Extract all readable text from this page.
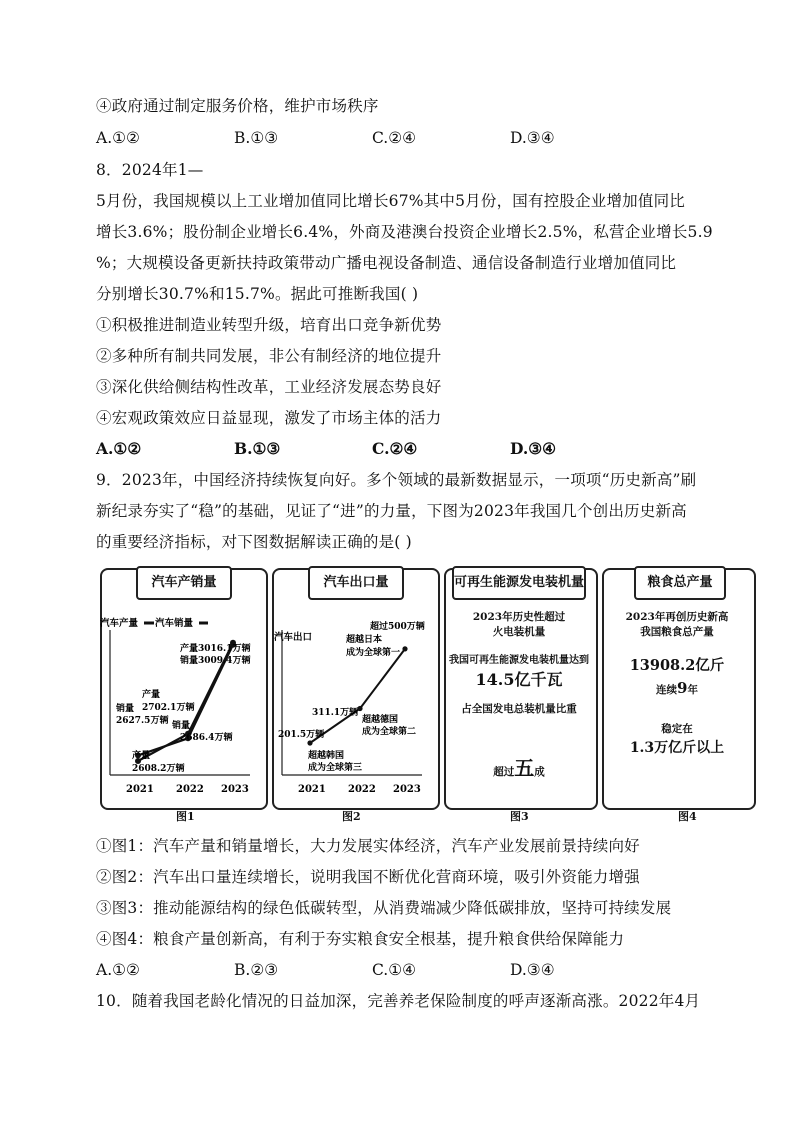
④政府通过制定服务价格，维护市场秩序
A.①②	B.①③	C.②④	D.③④
8．2024年1—
5月份，我国规模以上工业增加值同比增长67%其中5月份，国有控股企业增加值同比
增长3.6%；股份制企业增长6.4%，外商及港澳台投资企业增长2.5%，私营企业增长5.9
%；大规模设备更新扶持政策带动广播电视设备制造、通信设备制造行业增加值同比
分别增长30.7%和15.7%。据此可推断我国( )
①积极推进制造业转型升级，培育出口竞争新优势
②多种所有制共同发展，非公有制经济的地位提升
③深化供给侧结构性改革，工业经济发展态势良好
④宏观政策效应日益显现，激发了市场主体的活力
A.①②	B.①③	C.②④	D.③④
9．2023年，中国经济持续恢复向好。多个领域的最新数据显示，一项项“历史新高”刷
新纪录夯实了“稳”的基础，见证了“进”的力量，下图为2023年我国几个创出历史新高
的重要经济指标，对下图数据解读正确的是( )
汽车产销量	汽车出口量	可再生能源发电装机量	粮食总产量
汽车产量 汽车销量
2021 2022 2023
产量3016.1万辆
销量3009.4万辆
产量
2702.1万辆
销量
2627.5万辆 销量
2686.4万辆
产量
2608.2万辆
汽车出口
2021 2022 2023
超过500万辆
超越日本
成为全球第一
311.1万辆
超越德国
成为全球第二
201.5万辆
超越韩国
成为全球第三
2023年历史性超过
火电装机量
我国可再生能源发电装机量达到
14.5亿千瓦
占全国发电总装机量比重
超过五成
2023年再创历史新高
我国粮食总产量
13908.2亿斤
连续9年
稳定在
1.3万亿斤以上
图1	图2	图3	图4
①图1：汽车产量和销量增长，大力发展实体经济，汽车产业发展前景持续向好
②图2：汽车出口量连续增长，说明我国不断优化营商环境，吸引外资能力增强
③图3：推动能源结构的绿色低碳转型，从消费端减少降低碳排放，坚持可持续发展
④图4：粮食产量创新高，有利于夯实粮食安全根基，提升粮食供给保障能力
A.①②	B.②③	C.①④	D.③④
10．随着我国老龄化情况的日益加深，完善养老保险制度的呼声逐渐高涨。2022年4月
